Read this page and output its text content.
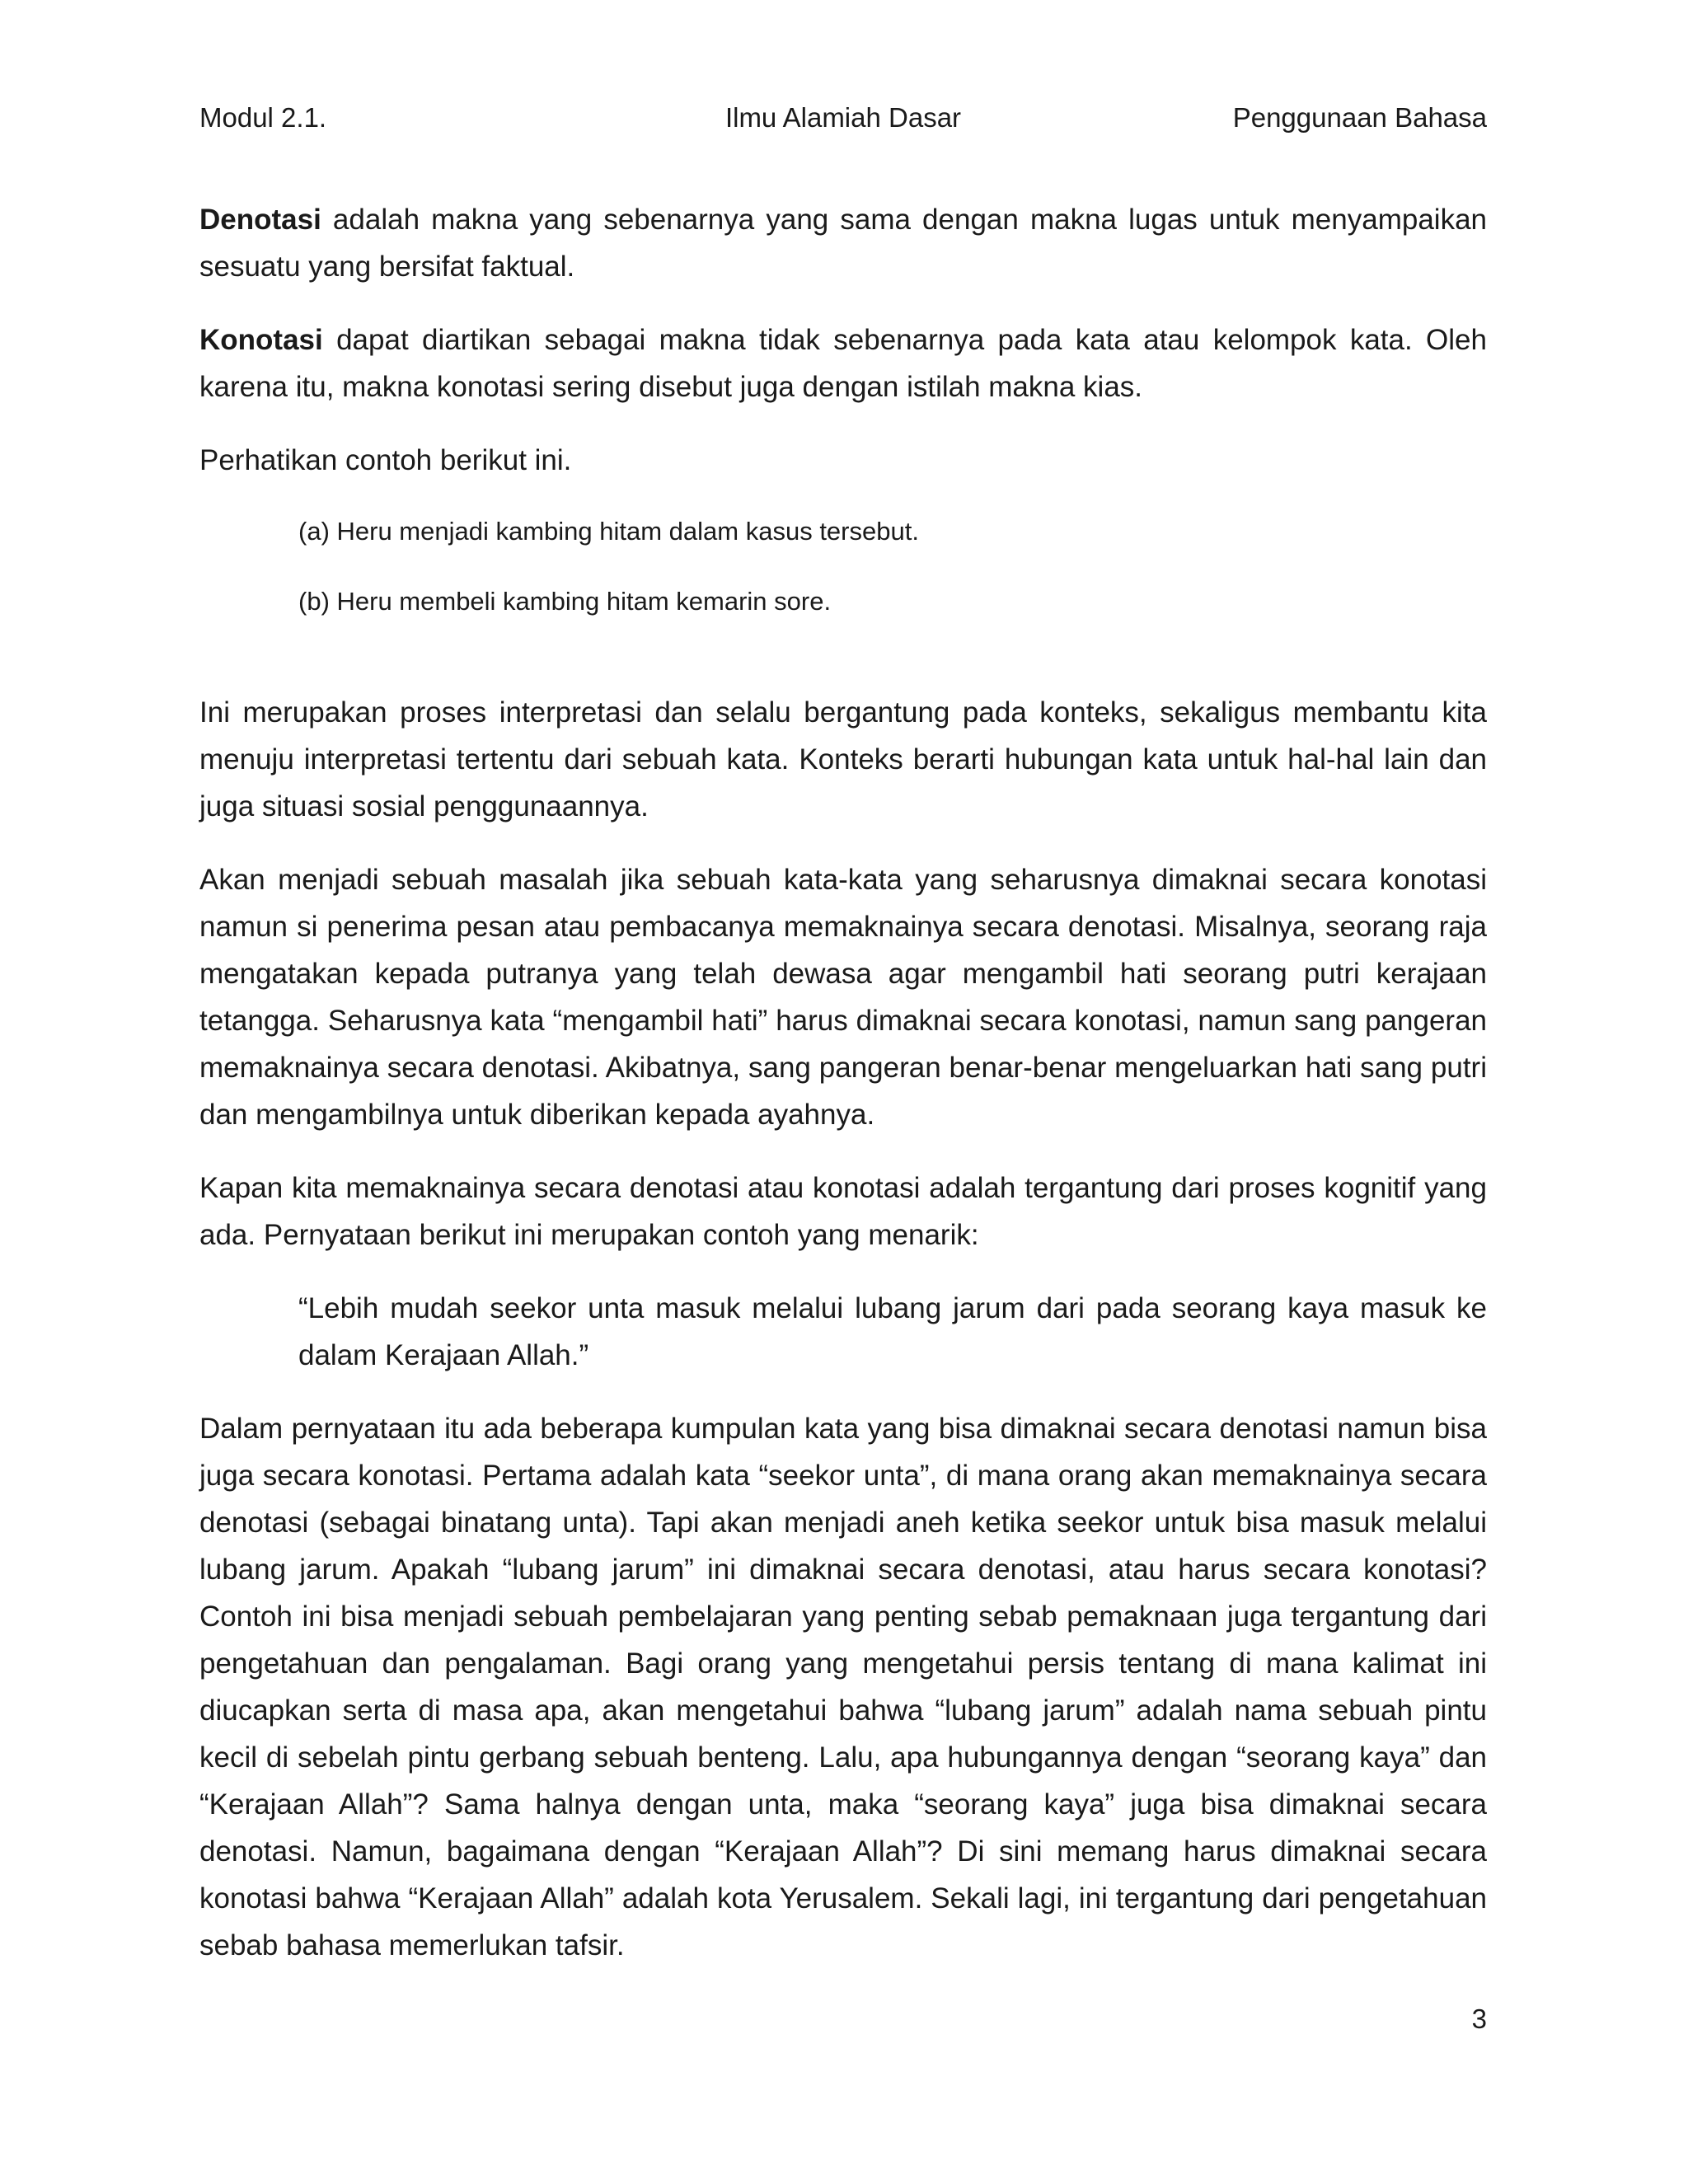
Modul 2.1.	Ilmu Alamiah Dasar	Penggunaan Bahasa

Denotasi adalah makna yang sebenarnya yang sama dengan makna lugas untuk menyampaikan sesuatu yang bersifat faktual.

Konotasi dapat diartikan sebagai makna tidak sebenarnya pada kata atau kelompok kata. Oleh karena itu, makna konotasi sering disebut juga dengan istilah makna kias.

Perhatikan contoh berikut ini.

(a) Heru menjadi kambing hitam dalam kasus tersebut.

(b) Heru membeli kambing hitam kemarin sore.

Ini merupakan proses interpretasi dan selalu bergantung pada konteks, sekaligus membantu kita menuju interpretasi tertentu dari sebuah kata. Konteks berarti hubungan kata untuk hal-hal lain dan juga situasi sosial penggunaannya.

Akan menjadi sebuah masalah jika sebuah kata-kata yang seharusnya dimaknai secara konotasi namun si penerima pesan atau pembacanya memaknainya secara denotasi. Misalnya, seorang raja mengatakan kepada putranya yang telah dewasa agar mengambil hati seorang putri kerajaan tetangga. Seharusnya kata “mengambil hati” harus dimaknai secara konotasi, namun sang pangeran memaknainya secara denotasi. Akibatnya, sang pangeran benar-benar mengeluarkan hati sang putri dan mengambilnya untuk diberikan kepada ayahnya.

Kapan kita memaknainya secara denotasi atau konotasi adalah tergantung dari proses kognitif yang ada. Pernyataan berikut ini merupakan contoh yang menarik:

“Lebih mudah seekor unta masuk melalui lubang jarum dari pada seorang kaya masuk ke dalam Kerajaan Allah.”

Dalam pernyataan itu ada beberapa kumpulan kata yang bisa dimaknai secara denotasi namun bisa juga secara konotasi. Pertama adalah kata “seekor unta”, di mana orang akan memaknainya secara denotasi (sebagai binatang unta). Tapi akan menjadi aneh ketika seekor untuk bisa masuk melalui lubang jarum. Apakah “lubang jarum” ini dimaknai secara denotasi, atau harus secara konotasi? Contoh ini bisa menjadi sebuah pembelajaran yang penting sebab pemaknaan juga tergantung dari pengetahuan dan pengalaman. Bagi orang yang mengetahui persis tentang di mana kalimat ini diucapkan serta di masa apa, akan mengetahui bahwa “lubang jarum” adalah nama sebuah pintu kecil di sebelah pintu gerbang sebuah benteng. Lalu, apa hubungannya dengan “seorang kaya” dan “Kerajaan Allah”? Sama halnya dengan unta, maka “seorang kaya” juga bisa dimaknai secara denotasi. Namun, bagaimana dengan “Kerajaan Allah”? Di sini memang harus dimaknai secara konotasi bahwa “Kerajaan Allah” adalah kota Yerusalem. Sekali lagi, ini tergantung dari pengetahuan sebab bahasa memerlukan tafsir.

3
